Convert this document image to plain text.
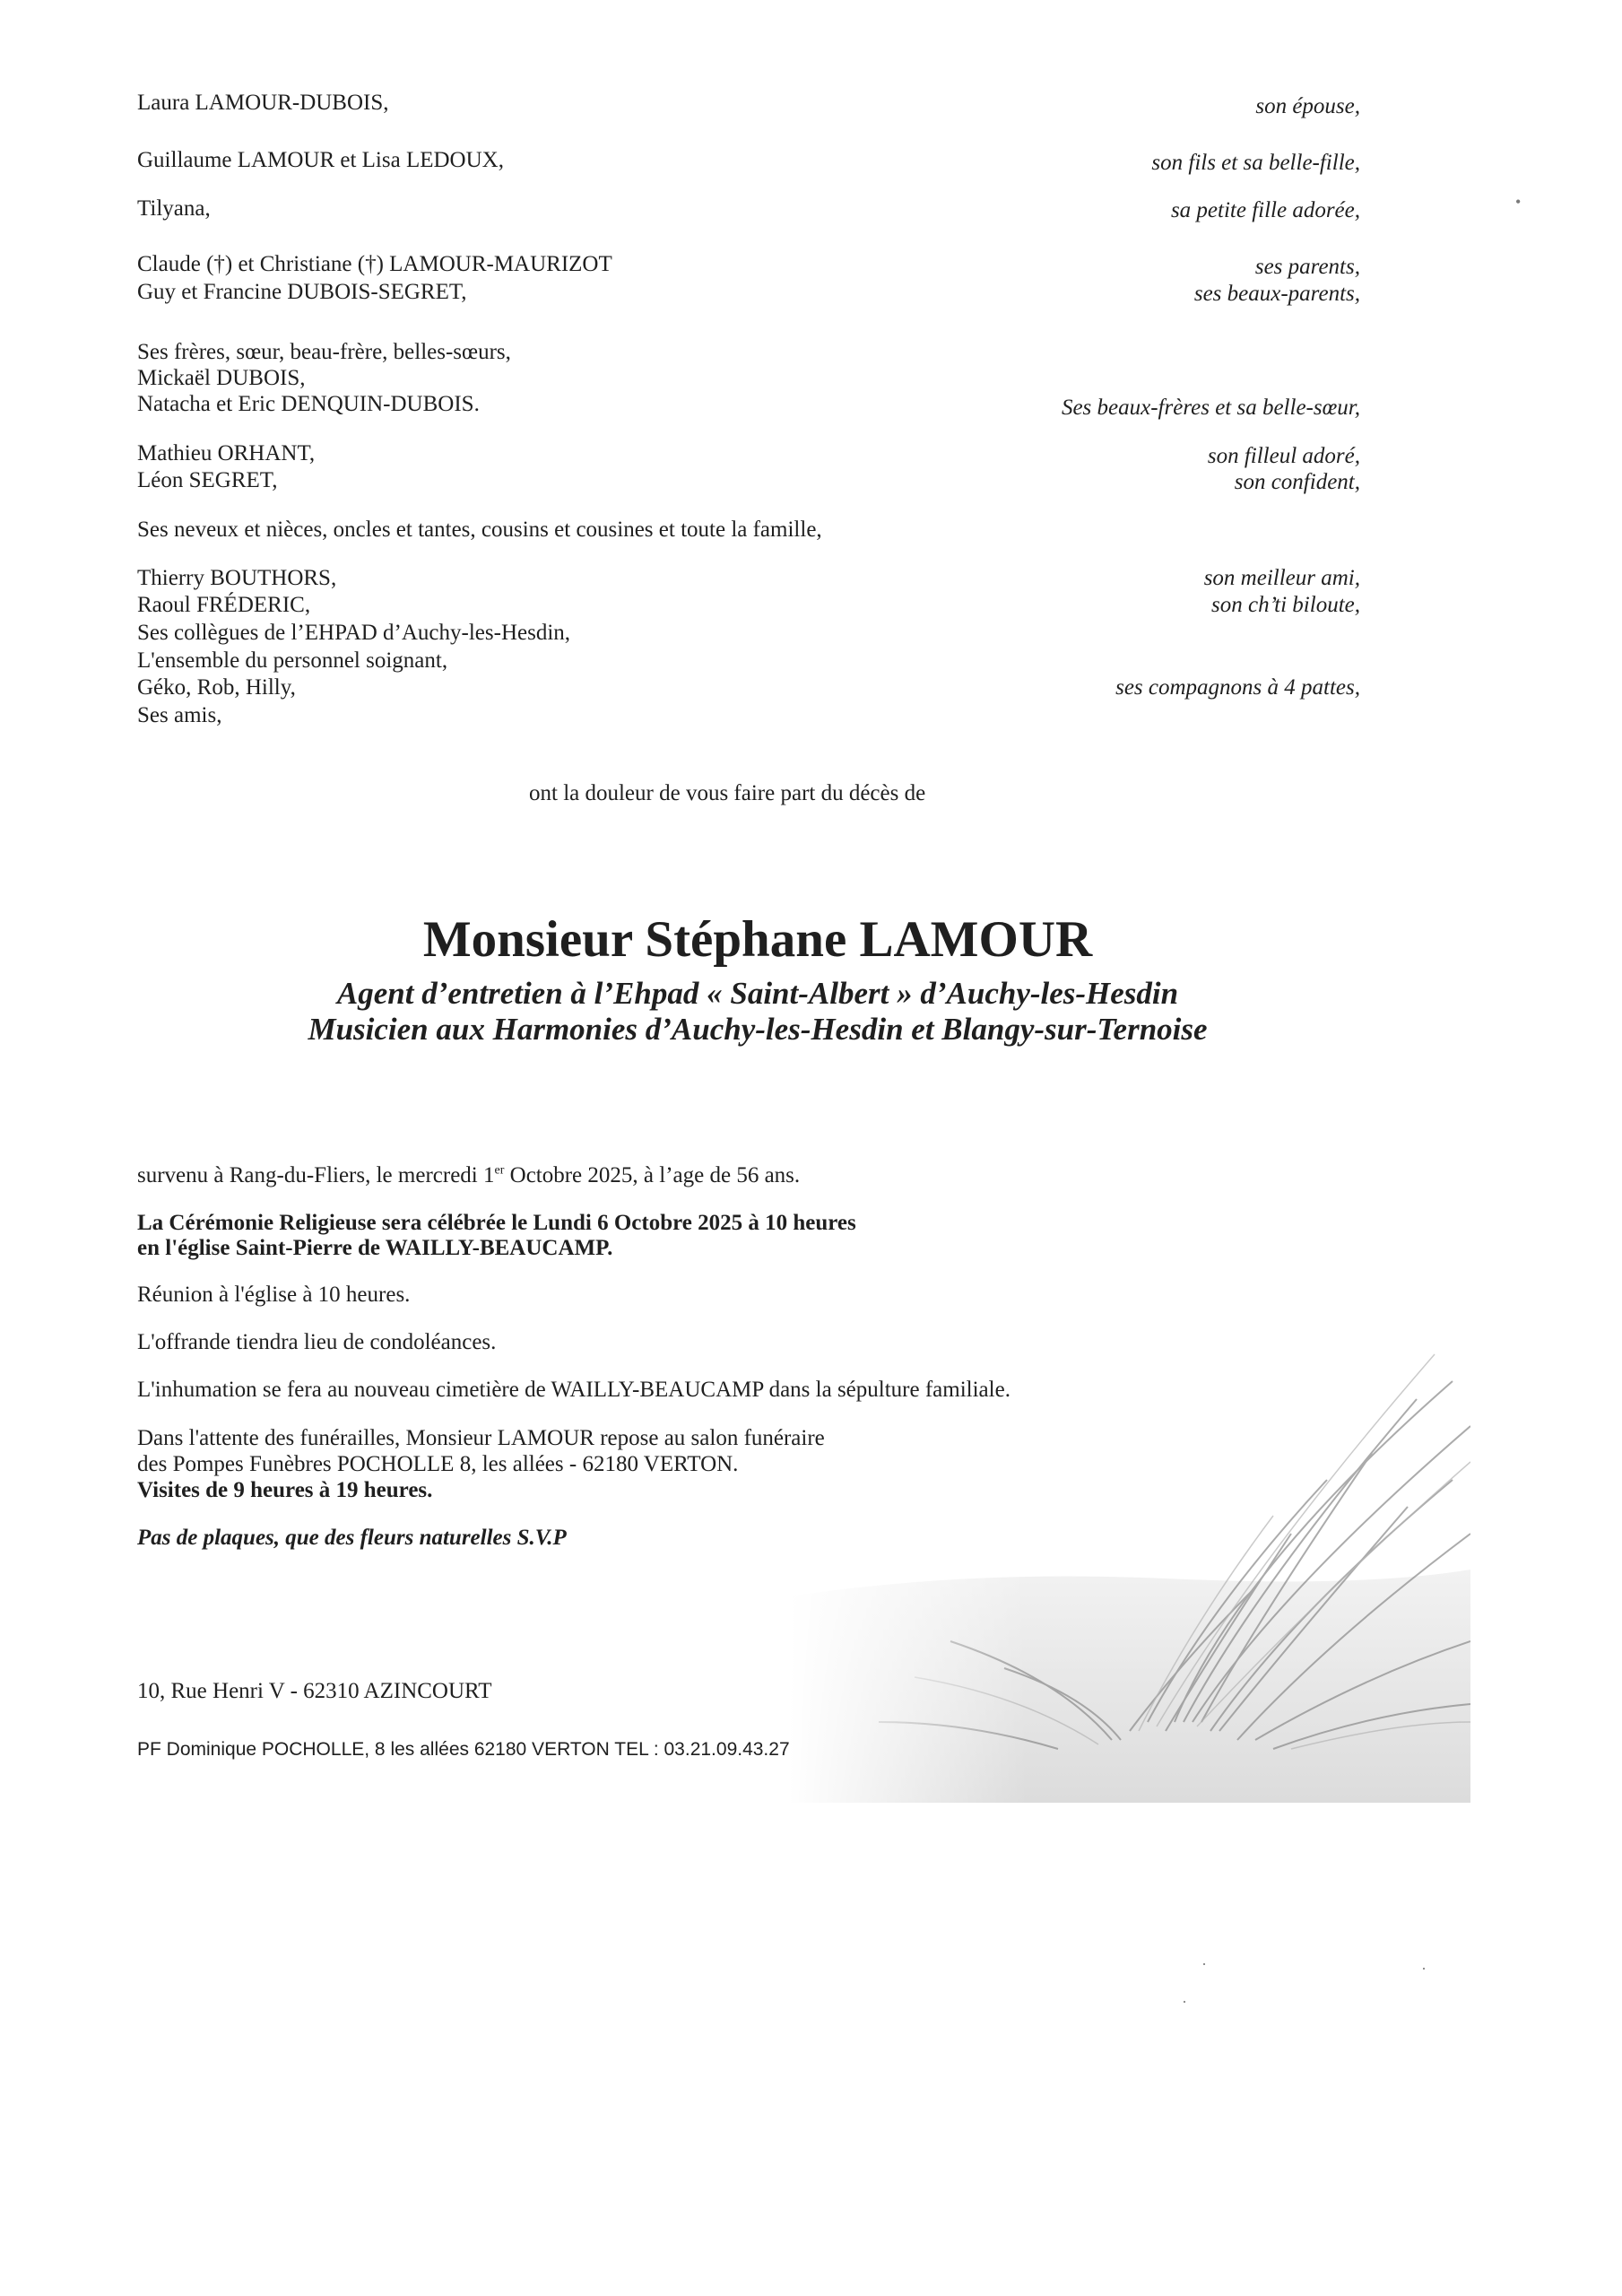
Laura LAMOUR-DUBOIS,	son épouse,
Guillaume LAMOUR et Lisa LEDOUX,	son fils et sa belle-fille,
Tilyana,	sa petite fille adorée,
Claude (†) et Christiane (†) LAMOUR-MAURIZOT	ses parents,
Guy et Francine DUBOIS-SEGRET,	ses beaux-parents,
Ses frères, sœur, beau-frère, belles-sœurs,
Mickaël DUBOIS,
Natacha et Eric DENQUIN-DUBOIS.	Ses beaux-frères et sa belle-sœur,
Mathieu ORHANT,	son filleul adoré,
Léon SEGRET,	son confident,
Ses neveux et nièces, oncles et tantes, cousins et cousines et toute la famille,
Thierry BOUTHORS,	son meilleur ami,
Raoul FRÉDERIC,	son ch’ti biloute,
Ses collègues de l’EHPAD d’Auchy-les-Hesdin,
L'ensemble du personnel soignant,
Géko, Rob, Hilly,	ses compagnons à 4 pattes,
Ses amis,
ont la douleur de vous faire part du décès de
Monsieur Stéphane LAMOUR
Agent d’entretien à l’Ehpad « Saint-Albert » d’Auchy-les-Hesdin
Musicien aux Harmonies d’Auchy-les-Hesdin et Blangy-sur-Ternoise
survenu à Rang-du-Fliers, le mercredi 1er Octobre 2025, à l’age de 56 ans.
La Cérémonie Religieuse sera célébrée le Lundi 6 Octobre 2025 à 10 heures
en l'église Saint-Pierre de WAILLY-BEAUCAMP.
Réunion à l'église à 10 heures.
L'offrande tiendra lieu de condoléances.
L'inhumation se fera au nouveau cimetière de WAILLY-BEAUCAMP dans la sépulture familiale.
Dans l'attente des funérailles, Monsieur LAMOUR repose au salon funéraire
des Pompes Funèbres POCHOLLE 8, les allées - 62180 VERTON.
Visites de 9 heures à 19 heures.
Pas de plaques, que des fleurs naturelles S.V.P
10, Rue Henri V - 62310 AZINCOURT
PF Dominique POCHOLLE, 8 les allées 62180 VERTON TEL : 03.21.09.43.27
•
·	·
·
